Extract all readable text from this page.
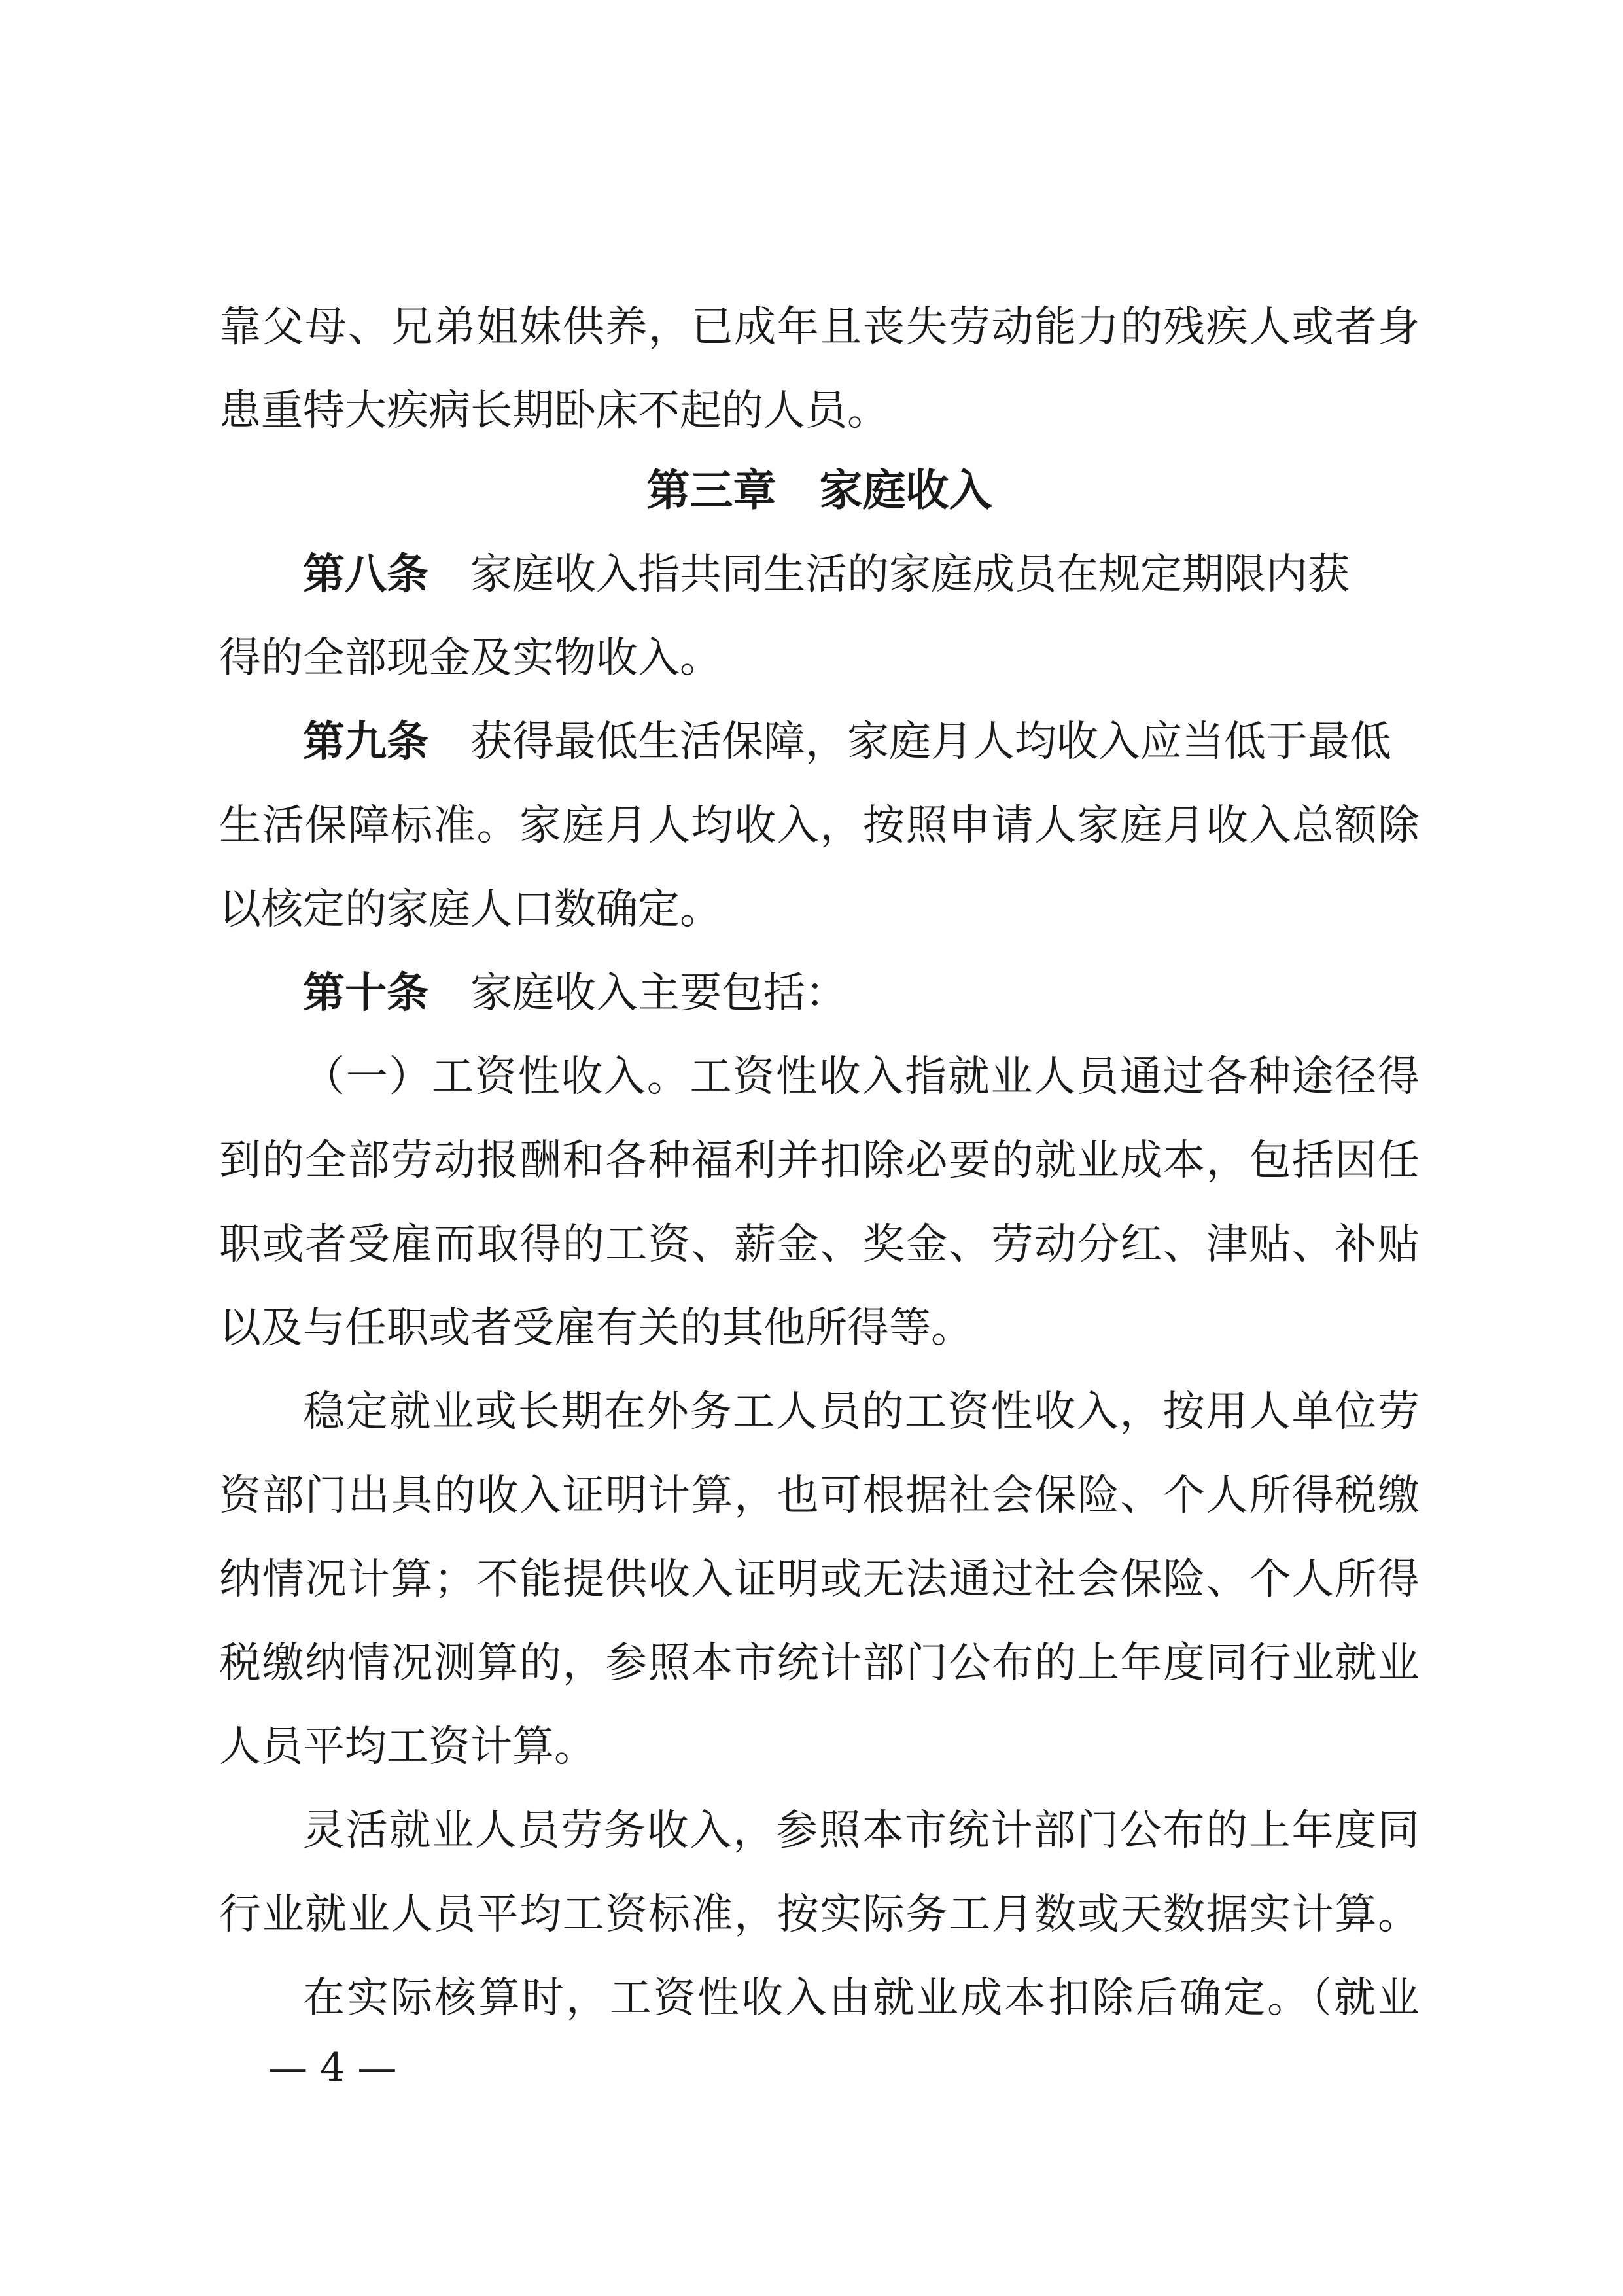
靠父母、兄弟姐妹供养，已成年且丧失劳动能力的残疾人或者身
患重特大疾病长期卧床不起的人员。
第三章　家庭收入
第八条 家庭收入指共同生活的家庭成员在规定期限内获
得的全部现金及实物收入。
第九条 获得最低生活保障，家庭月人均收入应当低于最低
生活保障标准。家庭月人均收入，按照申请人家庭月收入总额除
以核定的家庭人口数确定。
第十条 家庭收入主要包括：
（一）工资性收入。工资性收入指就业人员通过各种途径得
到的全部劳动报酬和各种福利并扣除必要的就业成本，包括因任
职或者受雇而取得的工资、薪金、奖金、劳动分红、津贴、补贴
以及与任职或者受雇有关的其他所得等。
稳定就业或长期在外务工人员的工资性收入，按用人单位劳
资部门出具的收入证明计算，也可根据社会保险、个人所得税缴
纳情况计算；不能提供收入证明或无法通过社会保险、个人所得
税缴纳情况测算的，参照本市统计部门公布的上年度同行业就业
人员平均工资计算。
灵活就业人员劳务收入，参照本市统计部门公布的上年度同
行业就业人员平均工资标准，按实际务工月数或天数据实计算。
在实际核算时，工资性收入由就业成本扣除后确定。（就业
— 4 —
